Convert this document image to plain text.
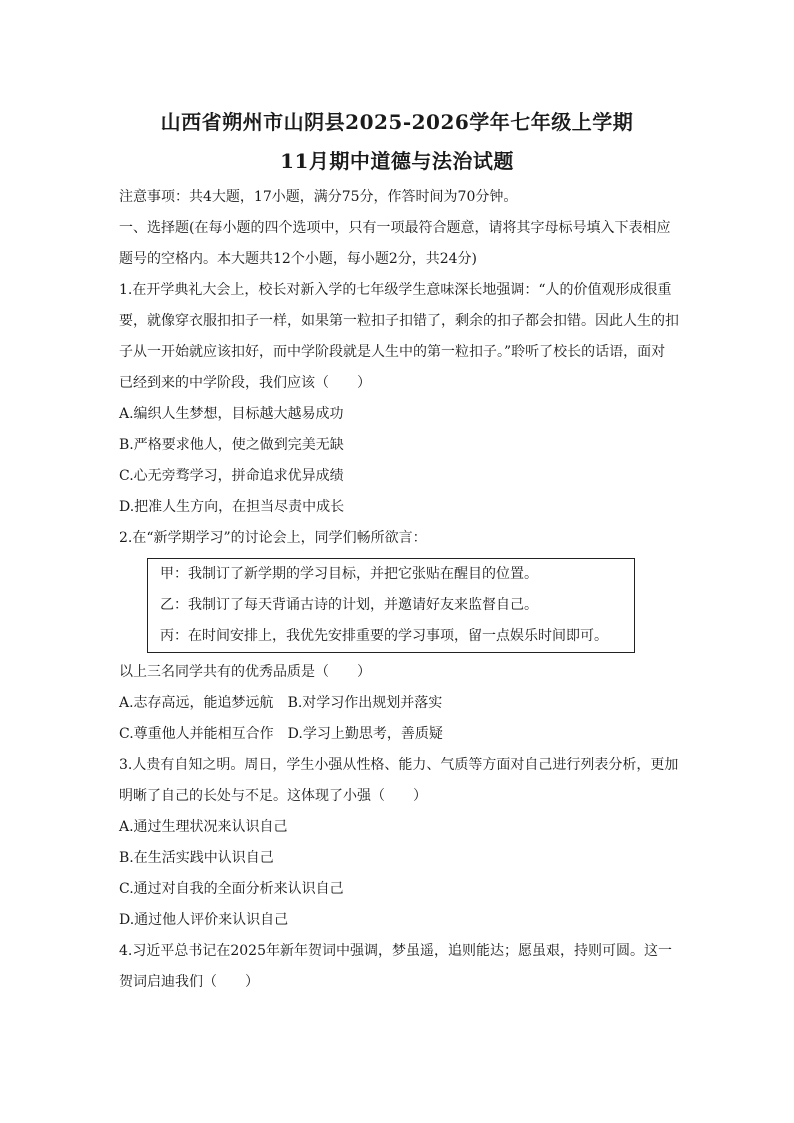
山西省朔州市山阴县2025-2026学年七年级上学期
11月期中道德与法治试题

注意事项：共4大题，17小题，满分75分，作答时间为70分钟。

一、选择题(在每小题的四个选项中，只有一项最符合题意，请将其字母标号填入下表相应

题号的空格内。本大题共12个小题，每小题2分，共24分)

1.在开学典礼大会上，校长对新入学的七年级学生意味深长地强调：“人的价值观形成很重

要，就像穿衣服扣扣子一样，如果第一粒扣子扣错了，剩余的扣子都会扣错。因此人生的扣

子从一开始就应该扣好，而中学阶段就是人生中的第一粒扣子。”聆听了校长的话语，面对

已经到来的中学阶段，我们应该（　　）

A.编织人生梦想，目标越大越易成功

B.严格要求他人，使之做到完美无缺

C.心无旁骛学习，拼命追求优异成绩

D.把准人生方向，在担当尽责中成长

2.在“新学期学习”的讨论会上，同学们畅所欲言：

甲：我制订了新学期的学习目标，并把它张贴在醒目的位置。

乙：我制订了每天背诵古诗的计划，并邀请好友来监督自己。

丙：在时间安排上，我优先安排重要的学习事项，留一点娱乐时间即可。

以上三名同学共有的优秀品质是（　　）

A.志存高远，能追梦远航 B.对学习作出规划并落实

C.尊重他人并能相互合作 D.学习上勤思考，善质疑

3.人贵有自知之明。周日，学生小强从性格、能力、气质等方面对自己进行列表分析，更加

明晰了自己的长处与不足。这体现了小强（　　）

A.通过生理状况来认识自己

B.在生活实践中认识自己

C.通过对自我的全面分析来认识自己

D.通过他人评价来认识自己

4.习近平总书记在2025年新年贺词中强调，梦虽遥，追则能达；愿虽艰，持则可圆。这一

贺词启迪我们（　　）
